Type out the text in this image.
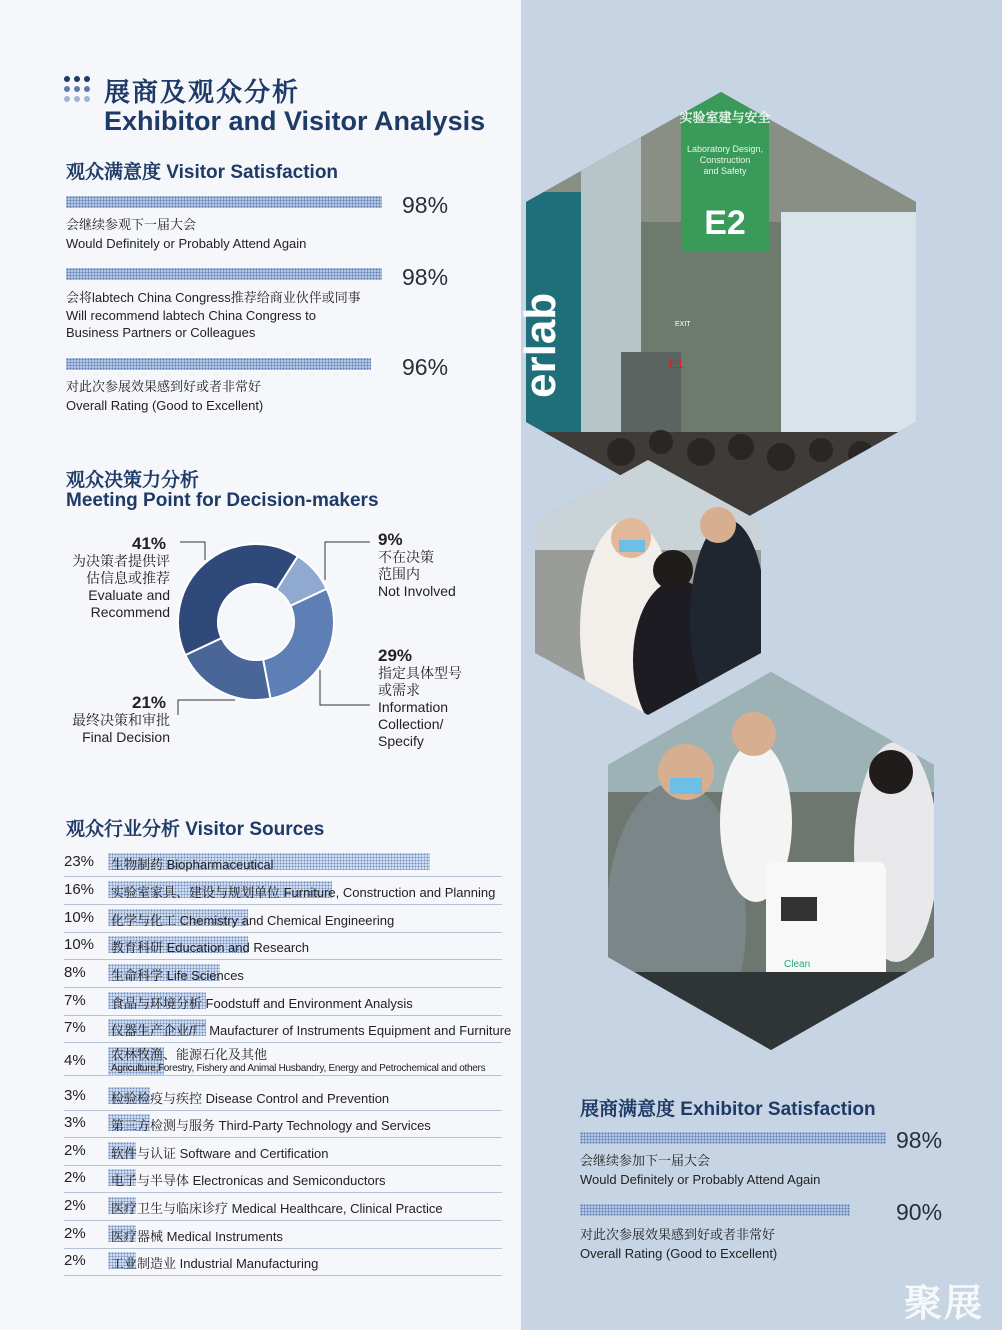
展商及观众分析
Exhibitor and Visitor Analysis
观众满意度 Visitor Satisfaction
98%
会继续参观下一届大会
Would Definitely or Probably Attend Again
98%
会将labtech China Congress推荐给商业伙伴或同事
Will recommend labtech China Congress to
Business Partners or Colleagues
96%
对此次参展效果感到好或者非常好
Overall Rating (Good to Excellent)
观众决策力分析
Meeting Point for Decision-makers
41%
为决策者提供评
估信息或推荐
Evaluate and
Recommend
9%
不在决策
范围内
Not Involved
29%
指定具体型号
或需求
Information
Collection/
Specify
21%
最终决策和审批
Final Decision
观众行业分析 Visitor Sources
23%	生物制药 Biopharmaceutical
16%	实验室家具、建设与规划单位 Furniture, Construction and Planning
10%	化学与化工 Chemistry and Chemical Engineering
10%	教育科研 Education and Research
8%	生命科学 Life Sciences
7%	食品与环境分析 Foodstuff and Environment Analysis
7%	仪器生产企业/厂 Maufacturer of Instruments Equipment and Furniture
4%	农林牧渔、能源石化及其他
Agriculture,Forestry, Fishery and Animal Husbandry, Energy and Petrochemical and others
3%	检验检疫与疾控 Disease Control and Prevention
3%	第三方检测与服务 Third-Party Technology and Services
2%	软件与认证 Software and Certification
2%	电子与半导体 Electronicas and Semiconductors
2%	医疗卫生与临床诊疗 Medical Healthcare, Clinical Practice
2%	医疗器械 Medical Instruments
2%	工业制造业 Industrial Manufacturing
实验室建与安全
Laboratory Design,
Construction
and Safety
E2
erlab	EXIT
E1
Clean
展商满意度 Exhibitor Satisfaction
98%
会继续参加下一届大会
Would Definitely or Probably Attend Again
90%
对此次参展效果感到好或者非常好
Overall Rating (Good to Excellent)
聚展
